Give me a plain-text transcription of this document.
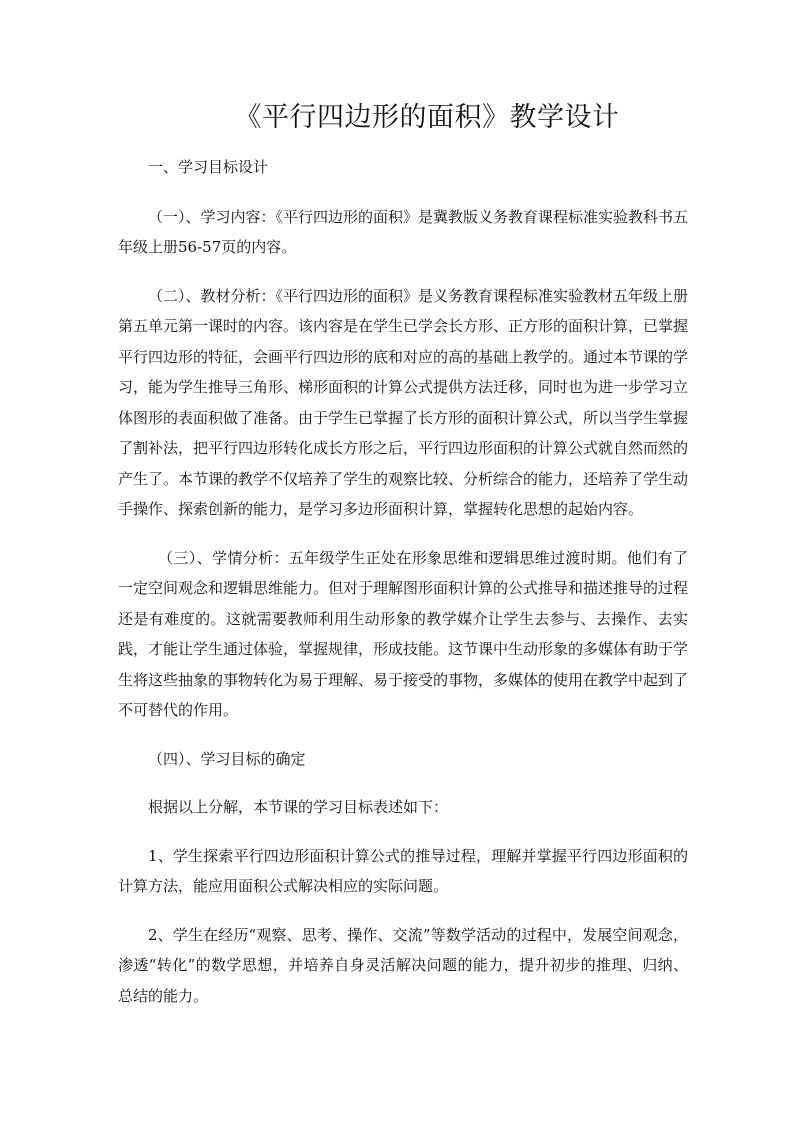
《平行四边形的面积》教学设计

一、学习目标设计

（一）、学习内容：《平行四边形的面积》是冀教版义务教育课程标准实验教科书五年级上册56-57页的内容。

（二）、教材分析：《平行四边形的面积》是义务教育课程标准实验教材五年级上册第五单元第一课时的内容。该内容是在学生已学会长方形、正方形的面积计算，已掌握平行四边形的特征，会画平行四边形的底和对应的高的基础上教学的。通过本节课的学习，能为学生推导三角形、梯形面积的计算公式提供方法迁移，同时也为进一步学习立体图形的表面积做了准备。由于学生已掌握了长方形的面积计算公式，所以当学生掌握了割补法，把平行四边形转化成长方形之后，平行四边形面积的计算公式就自然而然的产生了。本节课的教学不仅培养了学生的观察比较、分析综合的能力，还培养了学生动手操作、探索创新的能力，是学习多边形面积计算，掌握转化思想的起始内容。

（三）、学情分析：五年级学生正处在形象思维和逻辑思维过渡时期。他们有了一定空间观念和逻辑思维能力。但对于理解图形面积计算的公式推导和描述推导的过程还是有难度的。这就需要教师利用生动形象的教学媒介让学生去参与、去操作、去实践，才能让学生通过体验，掌握规律，形成技能。这节课中生动形象的多媒体有助于学生将这些抽象的事物转化为易于理解、易于接受的事物，多媒体的使用在教学中起到了不可替代的作用。

（四）、学习目标的确定

根据以上分解，本节课的学习目标表述如下：

1、学生探索平行四边形面积计算公式的推导过程，理解并掌握平行四边形面积的计算方法，能应用面积公式解决相应的实际问题。

2、学生在经历“观察、思考、操作、交流”等数学活动的过程中，发展空间观念，渗透“转化”的数学思想，并培养自身灵活解决问题的能力，提升初步的推理、归纳、总结的能力。
